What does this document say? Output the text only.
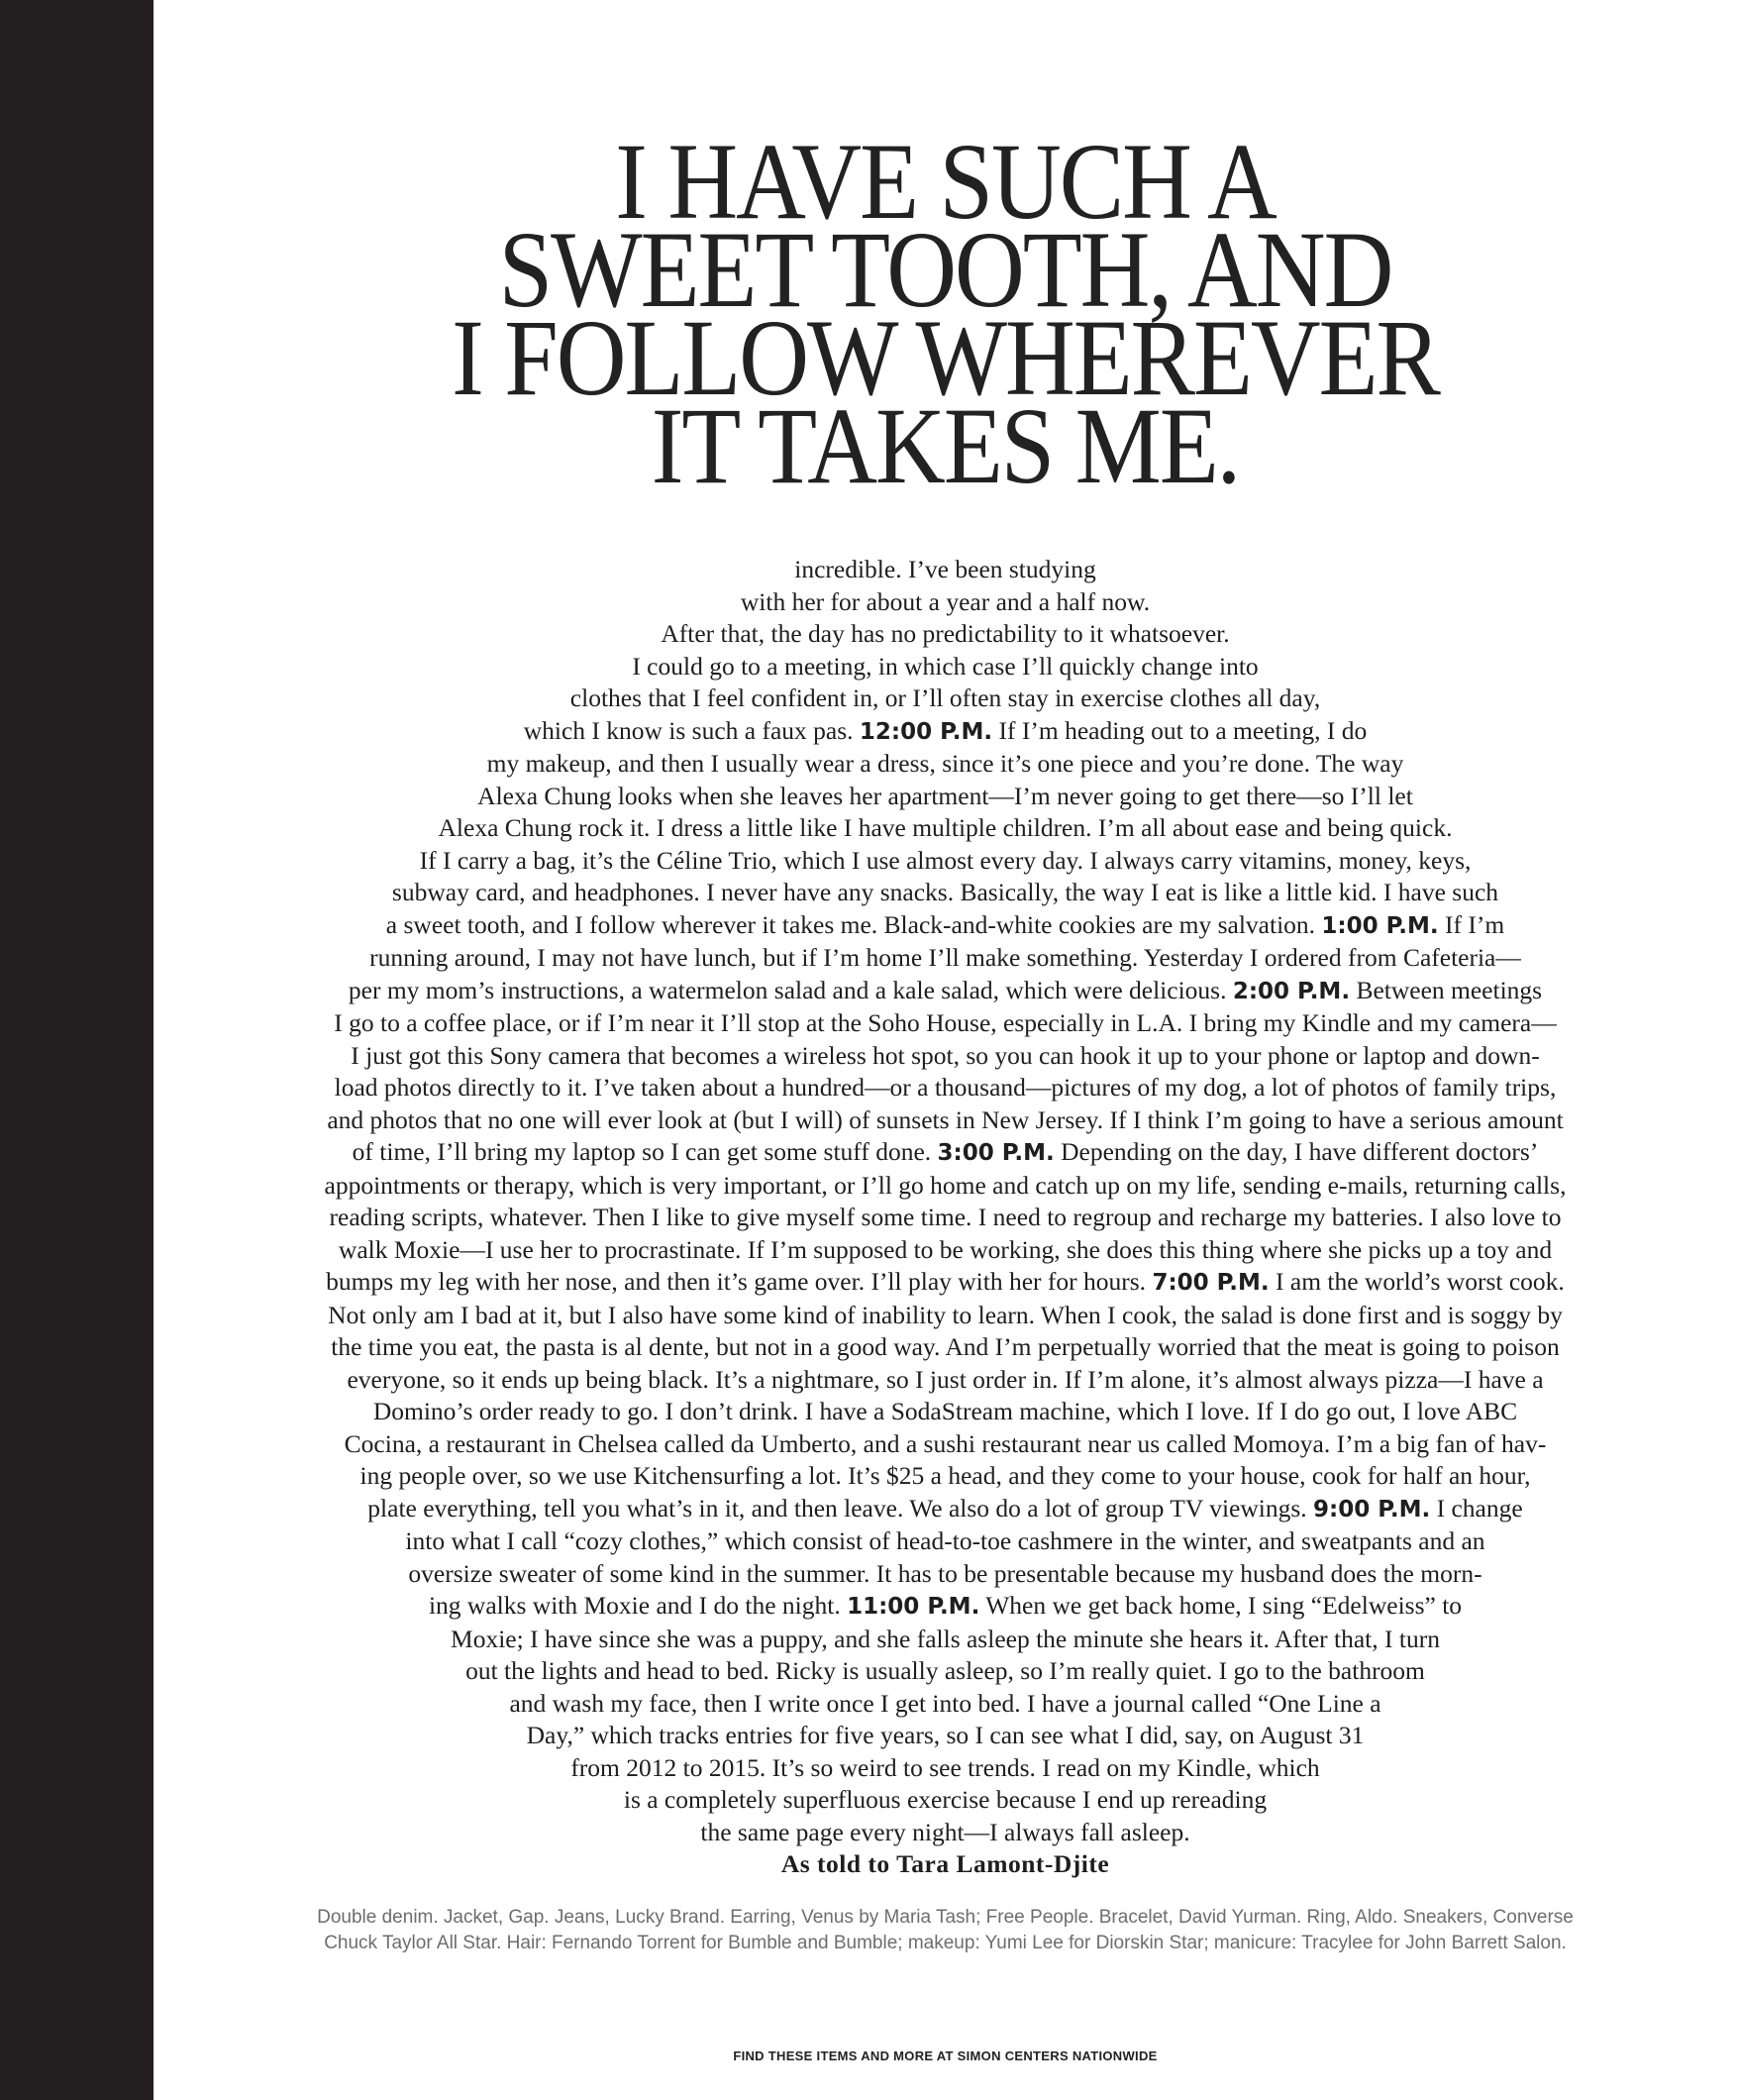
I HAVE SUCH A
SWEET TOOTH, AND
I FOLLOW WHEREVER
IT TAKES ME.
incredible. I’ve been studying
with her for about a year and a half now.
After that, the day has no predictability to it whatsoever.
I could go to a meeting, in which case I’ll quickly change into
clothes that I feel confident in, or I’ll often stay in exercise clothes all day,
which I know is such a faux pas. 12:00 P.M. If I’m heading out to a meeting, I do
my makeup, and then I usually wear a dress, since it’s one piece and you’re done. The way
Alexa Chung looks when she leaves her apartment—I’m never going to get there—so I’ll let
Alexa Chung rock it. I dress a little like I have multiple children. I’m all about ease and being quick.
If I carry a bag, it’s the Céline Trio, which I use almost every day. I always carry vitamins, money, keys,
subway card, and headphones. I never have any snacks. Basically, the way I eat is like a little kid. I have such
a sweet tooth, and I follow wherever it takes me. Black-and-white cookies are my salvation. 1:00 P.M. If I’m
running around, I may not have lunch, but if I’m home I’ll make something. Yesterday I ordered from Cafeteria—
per my mom’s instructions, a watermelon salad and a kale salad, which were delicious. 2:00 P.M. Between meetings
I go to a coffee place, or if I’m near it I’ll stop at the Soho House, especially in L.A. I bring my Kindle and my camera—
I just got this Sony camera that becomes a wireless hot spot, so you can hook it up to your phone or laptop and down-
load photos directly to it. I’ve taken about a hundred—or a thousand—pictures of my dog, a lot of photos of family trips,
and photos that no one will ever look at (but I will) of sunsets in New Jersey. If I think I’m going to have a serious amount
of time, I’ll bring my laptop so I can get some stuff done. 3:00 P.M. Depending on the day, I have different doctors’
appointments or therapy, which is very important, or I’ll go home and catch up on my life, sending e-mails, returning calls,
reading scripts, whatever. Then I like to give myself some time. I need to regroup and recharge my batteries. I also love to
walk Moxie—I use her to procrastinate. If I’m supposed to be working, she does this thing where she picks up a toy and
bumps my leg with her nose, and then it’s game over. I’ll play with her for hours. 7:00 P.M. I am the world’s worst cook.
Not only am I bad at it, but I also have some kind of inability to learn. When I cook, the salad is done first and is soggy by
the time you eat, the pasta is al dente, but not in a good way. And I’m perpetually worried that the meat is going to poison
everyone, so it ends up being black. It’s a nightmare, so I just order in. If I’m alone, it’s almost always pizza—I have a
Domino’s order ready to go. I don’t drink. I have a SodaStream machine, which I love. If I do go out, I love ABC
Cocina, a restaurant in Chelsea called da Umberto, and a sushi restaurant near us called Momoya. I’m a big fan of hav-
ing people over, so we use Kitchensurfing a lot. It’s $25 a head, and they come to your house, cook for half an hour,
plate everything, tell you what’s in it, and then leave. We also do a lot of group TV viewings. 9:00 P.M. I change
into what I call “cozy clothes,” which consist of head-to-toe cashmere in the winter, and sweatpants and an
oversize sweater of some kind in the summer. It has to be presentable because my husband does the morn-
ing walks with Moxie and I do the night. 11:00 P.M. When we get back home, I sing “Edelweiss” to
Moxie; I have since she was a puppy, and she falls asleep the minute she hears it. After that, I turn
out the lights and head to bed. Ricky is usually asleep, so I’m really quiet. I go to the bathroom
and wash my face, then I write once I get into bed. I have a journal called “One Line a
Day,” which tracks entries for five years, so I can see what I did, say, on August 31
from 2012 to 2015. It’s so weird to see trends. I read on my Kindle, which
is a completely superfluous exercise because I end up rereading
the same page every night—I always fall asleep.
As told to Tara Lamont-Djite
Double denim. Jacket, Gap. Jeans, Lucky Brand. Earring, Venus by Maria Tash; Free People. Bracelet, David Yurman. Ring, Aldo. Sneakers, Converse
Chuck Taylor All Star. Hair: Fernando Torrent for Bumble and Bumble; makeup: Yumi Lee for Diorskin Star; manicure: Tracylee for John Barrett Salon.
FIND THESE ITEMS AND MORE AT SIMON CENTERS NATIONWIDE
